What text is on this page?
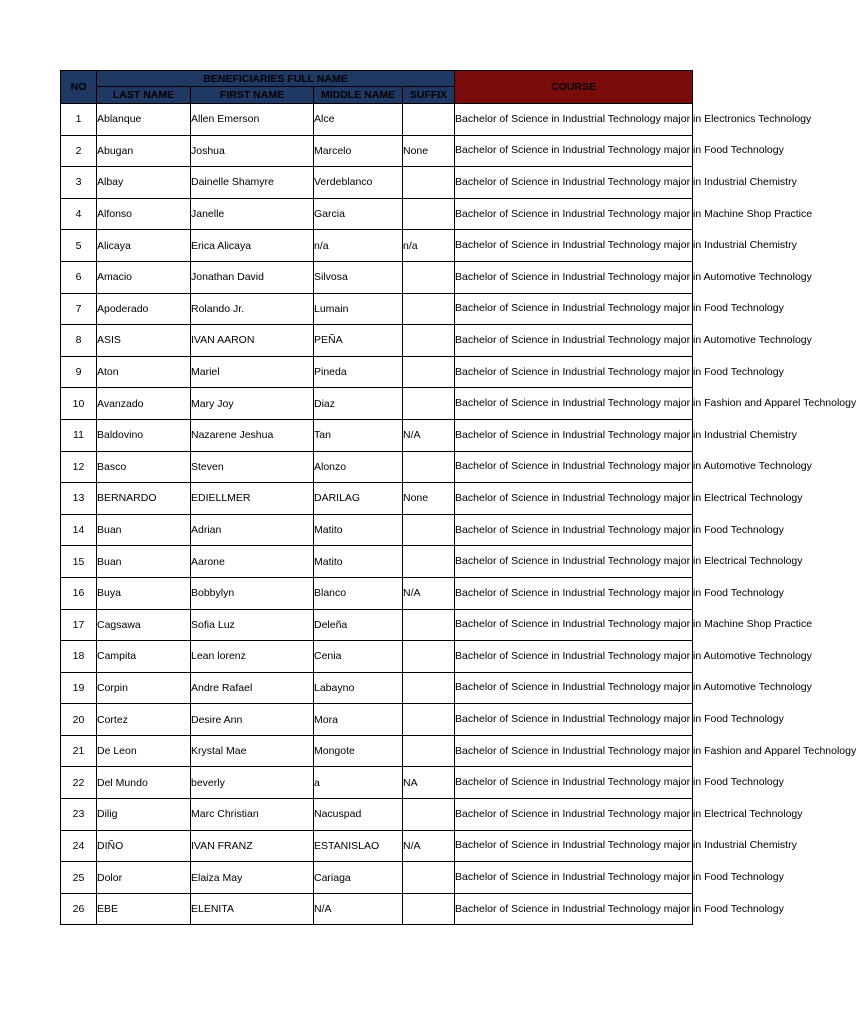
NO	BENEFICIARIES FULL NAME				COURSE
	LAST NAME	FIRST NAME	MIDDLE NAME	SUFFIX	
1	Ablanque	Allen Emerson	Alce		Bachelor of Science in Industrial Technology major in Electronics Technology
2	Abugan	Joshua	Marcelo	None	Bachelor of Science in Industrial Technology major in Food Technology
3	Albay	Dainelle Shamyre	Verdeblanco		Bachelor of Science in Industrial Technology major in Industrial Chemistry
4	Alfonso	Janelle	Garcia		Bachelor of Science in Industrial Technology major in Machine Shop Practice
5	Alicaya	Erica Alicaya	n/a	n/a	Bachelor of Science in Industrial Technology major in Industrial Chemistry
6	Amacio	Jonathan David	Silvosa		Bachelor of Science in Industrial Technology major in Automotive Technology
7	Apoderado	Rolando Jr.	Lumain		Bachelor of Science in Industrial Technology major in Food Technology
8	ASIS	IVAN AARON	PEÑA		Bachelor of Science in Industrial Technology major in Automotive Technology
9	Aton	Mariel	Pineda		Bachelor of Science in Industrial Technology major in Food Technology
10	Avanzado	Mary Joy	Diaz		Bachelor of Science in Industrial Technology major in Fashion and Apparel Technology
11	Baldovino	Nazarene Jeshua	Tan	N/A	Bachelor of Science in Industrial Technology major in Industrial Chemistry
12	Basco	Steven	Alonzo		Bachelor of Science in Industrial Technology major in Automotive Technology
13	BERNARDO	EDIELLMER	DARILAG	None	Bachelor of Science in Industrial Technology major in Electrical Technology
14	Buan	Adrian	Matito		Bachelor of Science in Industrial Technology major in Food Technology
15	Buan	Aarone	Matito		Bachelor of Science in Industrial Technology major in Electrical Technology
16	Buya	Bobbylyn	Blanco	N/A	Bachelor of Science in Industrial Technology major in Food Technology
17	Cagsawa	Sofia Luz	Deleña		Bachelor of Science in Industrial Technology major in Machine Shop Practice
18	Campita	Lean lorenz	Cenia		Bachelor of Science in Industrial Technology major in Automotive Technology
19	Corpin	Andre Rafael	Labayno		Bachelor of Science in Industrial Technology major in Automotive Technology
20	Cortez	Desire Ann	Mora		Bachelor of Science in Industrial Technology major in Food Technology
21	De Leon	Krystal Mae	Mongote		Bachelor of Science in Industrial Technology major in Fashion and Apparel Technology
22	Del Mundo	beverly	a	NA	Bachelor of Science in Industrial Technology major in Food Technology
23	Dilig	Marc Christian	Nacuspad		Bachelor of Science in Industrial Technology major in Electrical Technology
24	DIÑO	IVAN FRANZ	ESTANISLAO	N/A	Bachelor of Science in Industrial Technology major in Industrial Chemistry
25	Dolor	Elaiza May	Cariaga		Bachelor of Science in Industrial Technology major in Food Technology
26	EBE	ELENITA	N/A		Bachelor of Science in Industrial Technology major in Food Technology
